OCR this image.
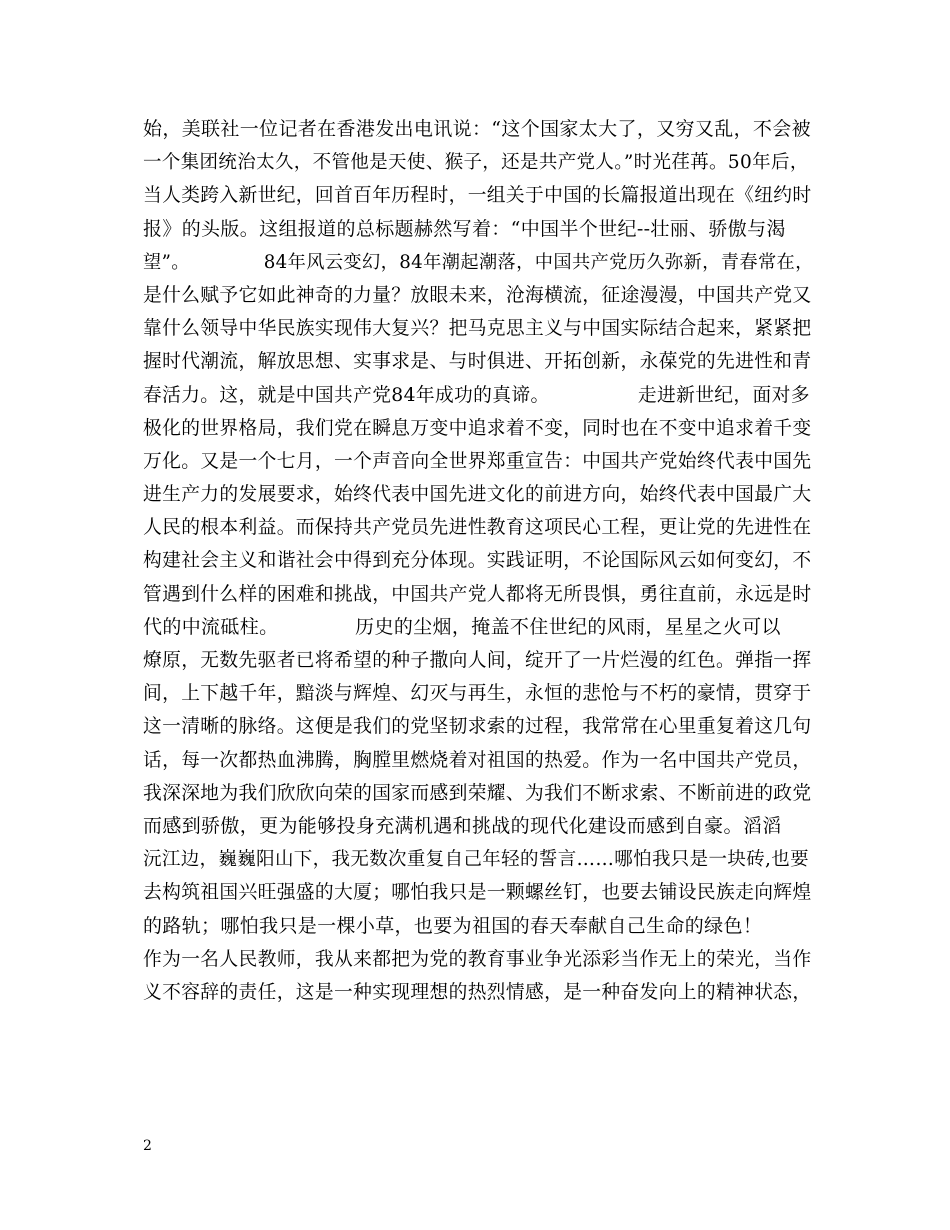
始，美联社一位记者在香港发出电讯说：“这个国家太大了，又穷又乱，不会被
一个集团统治太久，不管他是天使、猴子，还是共产党人。”时光荏苒。50年后，
当人类跨入新世纪，回首百年历程时，一组关于中国的长篇报道出现在《纽约时
报》的头版。这组报道的总标题赫然写着：“中国半个世纪--壮丽、骄傲与渴
望”。            84年风云变幻，84年潮起潮落，中国共产党历久弥新，青春常在，
是什么赋予它如此神奇的力量？放眼未来，沧海横流，征途漫漫，中国共产党又
靠什么领导中华民族实现伟大复兴？把马克思主义与中国实际结合起来，紧紧把
握时代潮流，解放思想、实事求是、与时俱进、开拓创新，永葆党的先进性和青
春活力。这，就是中国共产党84年成功的真谛。              走进新世纪，面对多
极化的世界格局，我们党在瞬息万变中追求着不变，同时也在不变中追求着千变
万化。又是一个七月，一个声音向全世界郑重宣告：中国共产党始终代表中国先
进生产力的发展要求，始终代表中国先进文化的前进方向，始终代表中国最广大
人民的根本利益。而保持共产党员先进性教育这项民心工程，更让党的先进性在
构建社会主义和谐社会中得到充分体现。实践证明，不论国际风云如何变幻，不
管遇到什么样的困难和挑战，中国共产党人都将无所畏惧，勇往直前，永远是时
代的中流砥柱。            历史的尘烟，掩盖不住世纪的风雨，星星之火可以
燎原，无数先驱者已将希望的种子撒向人间，绽开了一片烂漫的红色。弹指一挥
间，上下越千年，黯淡与辉煌、幻灭与再生，永恒的悲怆与不朽的豪情，贯穿于
这一清晰的脉络。这便是我们的党坚韧求索的过程，我常常在心里重复着这几句
话，每一次都热血沸腾，胸膛里燃烧着对祖国的热爱。作为一名中国共产党员，
我深深地为我们欣欣向荣的国家而感到荣耀、为我们不断求索、不断前进的政党
而感到骄傲，更为能够投身充满机遇和挑战的现代化建设而感到自豪。滔滔
沅江边，巍巍阳山下，我无数次重复自己年轻的誓言……哪怕我只是一块砖,也要
去构筑祖国兴旺强盛的大厦；哪怕我只是一颗螺丝钉，也要去铺设民族走向辉煌
的路轨；哪怕我只是一棵小草，也要为祖国的春天奉献自己生命的绿色！
作为一名人民教师，我从来都把为党的教育事业争光添彩当作无上的荣光，当作
义不容辞的责任，这是一种实现理想的热烈情感，是一种奋发向上的精神状态，
2
